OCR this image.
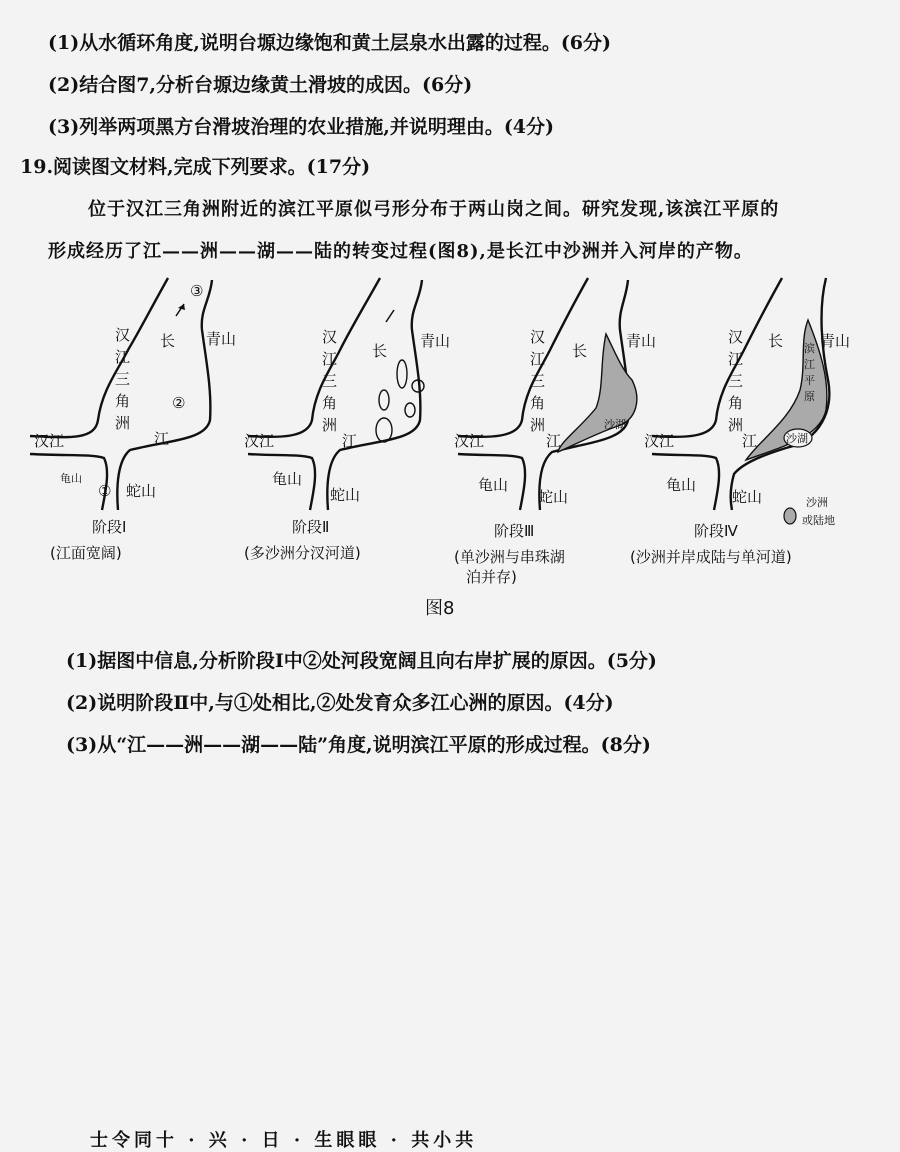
(1)从水循环角度,说明台塬边缘饱和黄土层泉水出露的过程。(6分)
(2)结合图7,分析台塬边缘黄土滑坡的成因。(6分)
(3)列举两项黑方台滑坡治理的农业措施,并说明理由。(4分)
19.阅读图文材料,完成下列要求。(17分)
位于汉江三角洲附近的滨江平原似弓形分布于两山岗之间。研究发现,该滨江平原的
形成经历了江——洲——湖——陆的转变过程(图8),是长江中沙洲并入河岸的产物。
③
长
②
江
青山
汉江
龟山
① 蛇山
汉
江
三
角
洲
阶段Ⅰ
(江面宽阔)
长
江
青山
汉江
龟山
蛇山
汉
江
三
角
洲
阶段Ⅱ
(多沙洲分汊河道)
沙湖
长
江
青山
汉江
龟山
蛇山
汉
江
三
角
洲
阶段Ⅲ
(单沙洲与串珠湖
泊并存)
沙湖
滨
江
平
原
长
江
青山
汉江
龟山
蛇山
汉
江
三
角
洲
沙洲
或陆地
阶段Ⅳ
(沙洲并岸成陆与单河道)
图8
(1)据图中信息,分析阶段Ⅰ中②处河段宽阔且向右岸扩展的原因。(5分)
(2)说明阶段Ⅱ中,与①处相比,②处发育众多江心洲的原因。(4分)
(3)从“江——洲——湖——陆”角度,说明滨江平原的形成过程。(8分)
士令同十 · 兴 · 日 · 生眼眼 · 共小共
